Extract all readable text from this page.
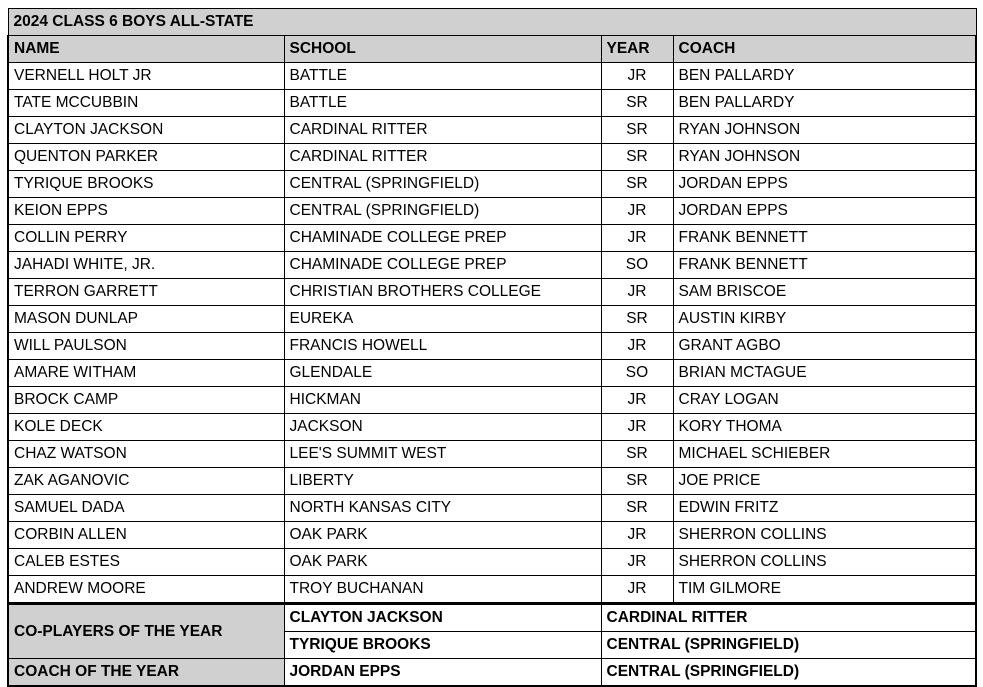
2024 CLASS 6 BOYS ALL-STATE			
NAME	SCHOOL	YEAR	COACH
VERNELL HOLT JR	BATTLE	JR	BEN PALLARDY
TATE MCCUBBIN	BATTLE	SR	BEN PALLARDY
CLAYTON JACKSON	CARDINAL RITTER	SR	RYAN JOHNSON
QUENTON PARKER	CARDINAL RITTER	SR	RYAN JOHNSON
TYRIQUE BROOKS	CENTRAL (SPRINGFIELD)	SR	JORDAN EPPS
KEION EPPS	CENTRAL (SPRINGFIELD)	JR	JORDAN EPPS
COLLIN PERRY	CHAMINADE COLLEGE PREP	JR	FRANK BENNETT
JAHADI WHITE, JR.	CHAMINADE COLLEGE PREP	SO	FRANK BENNETT
TERRON GARRETT	CHRISTIAN BROTHERS COLLEGE	JR	SAM BRISCOE
MASON DUNLAP	EUREKA	SR	AUSTIN KIRBY
WILL PAULSON	FRANCIS HOWELL	JR	GRANT AGBO
AMARE WITHAM	GLENDALE	SO	BRIAN MCTAGUE
BROCK CAMP	HICKMAN	JR	CRAY LOGAN
KOLE DECK	JACKSON	JR	KORY THOMA
CHAZ WATSON	LEE'S SUMMIT WEST	SR	MICHAEL SCHIEBER
ZAK AGANOVIC	LIBERTY	SR	JOE PRICE
SAMUEL DADA	NORTH KANSAS CITY	SR	EDWIN FRITZ
CORBIN ALLEN	OAK PARK	JR	SHERRON COLLINS
CALEB ESTES	OAK PARK	JR	SHERRON COLLINS
ANDREW MOORE	TROY BUCHANAN	JR	TIM GILMORE
CO-PLAYERS OF THE YEAR	CLAYTON JACKSON	CARDINAL RITTER	
	TYRIQUE BROOKS	CENTRAL (SPRINGFIELD)	
COACH OF THE YEAR	JORDAN EPPS	CENTRAL (SPRINGFIELD)	
